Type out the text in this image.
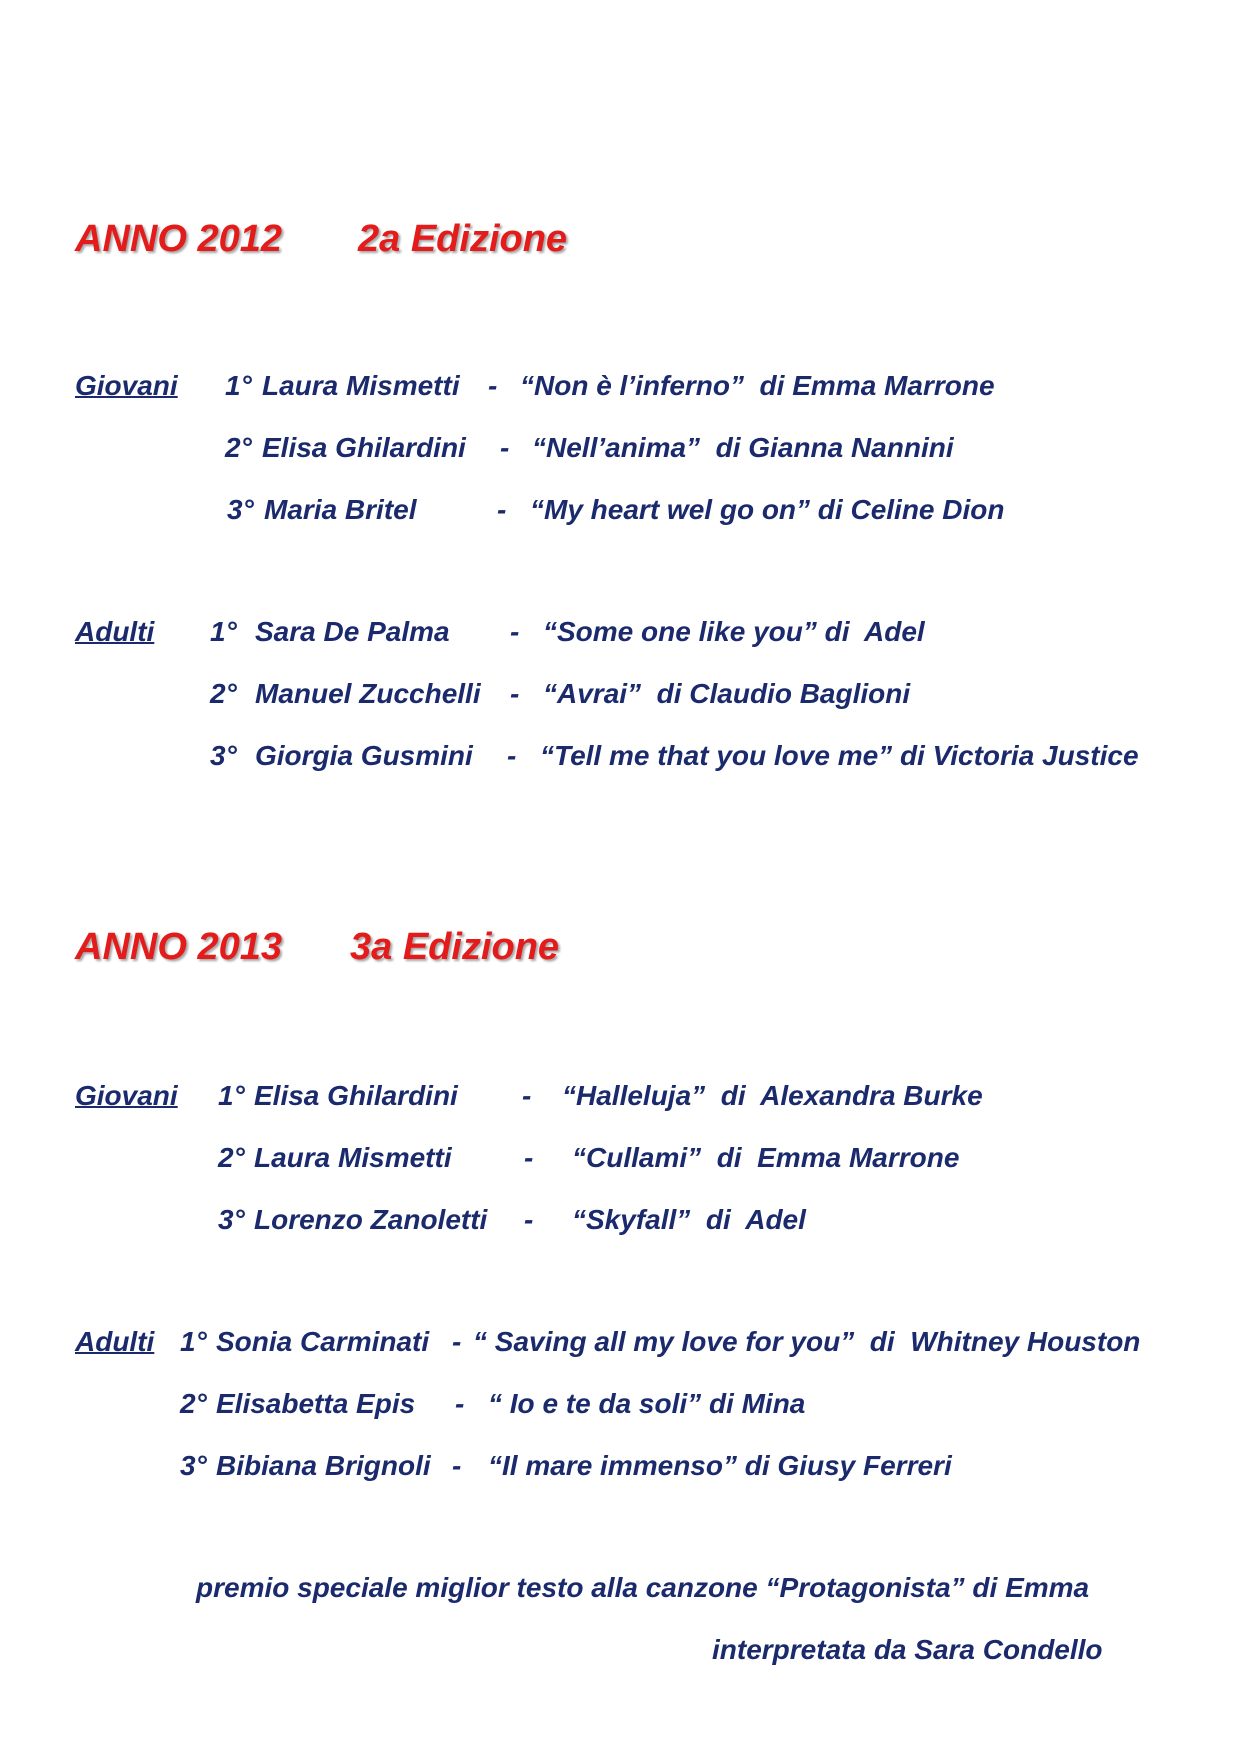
ANNO 2012 2a Edizione
Giovani 1° Laura Mismetti - “Non è l’inferno”  di Emma Marrone
2° Elisa Ghilardini - “Nell’anima”  di Gianna Nannini
3° Maria Britel	- “My heart wel go on” di Celine Dion
Adulti 1° Sara De Palma - “Some one like you” di  Adel
2° Manuel Zucchelli - “Avrai”  di Claudio Baglioni
3° Giorgia Gusmini - “Tell me that you love me” di Victoria Justice
ANNO 2013 3a Edizione
Giovani 1° Elisa Ghilardini - “Halleluja”  di  Alexandra Burke
2° Laura Mismetti	- “Cullami”  di  Emma Marrone
3° Lorenzo Zanoletti - “Skyfall”  di  Adel
Adulti 1° Sonia Carminati - “ Saving all my love for you”  di  Whitney Houston
2° Elisabetta Epis - “ Io e te da soli” di Mina
3° Bibiana Brignoli - “Il mare immenso” di Giusy Ferreri
premio speciale miglior testo alla canzone “Protagonista” di Emma
interpretata da Sara Condello
